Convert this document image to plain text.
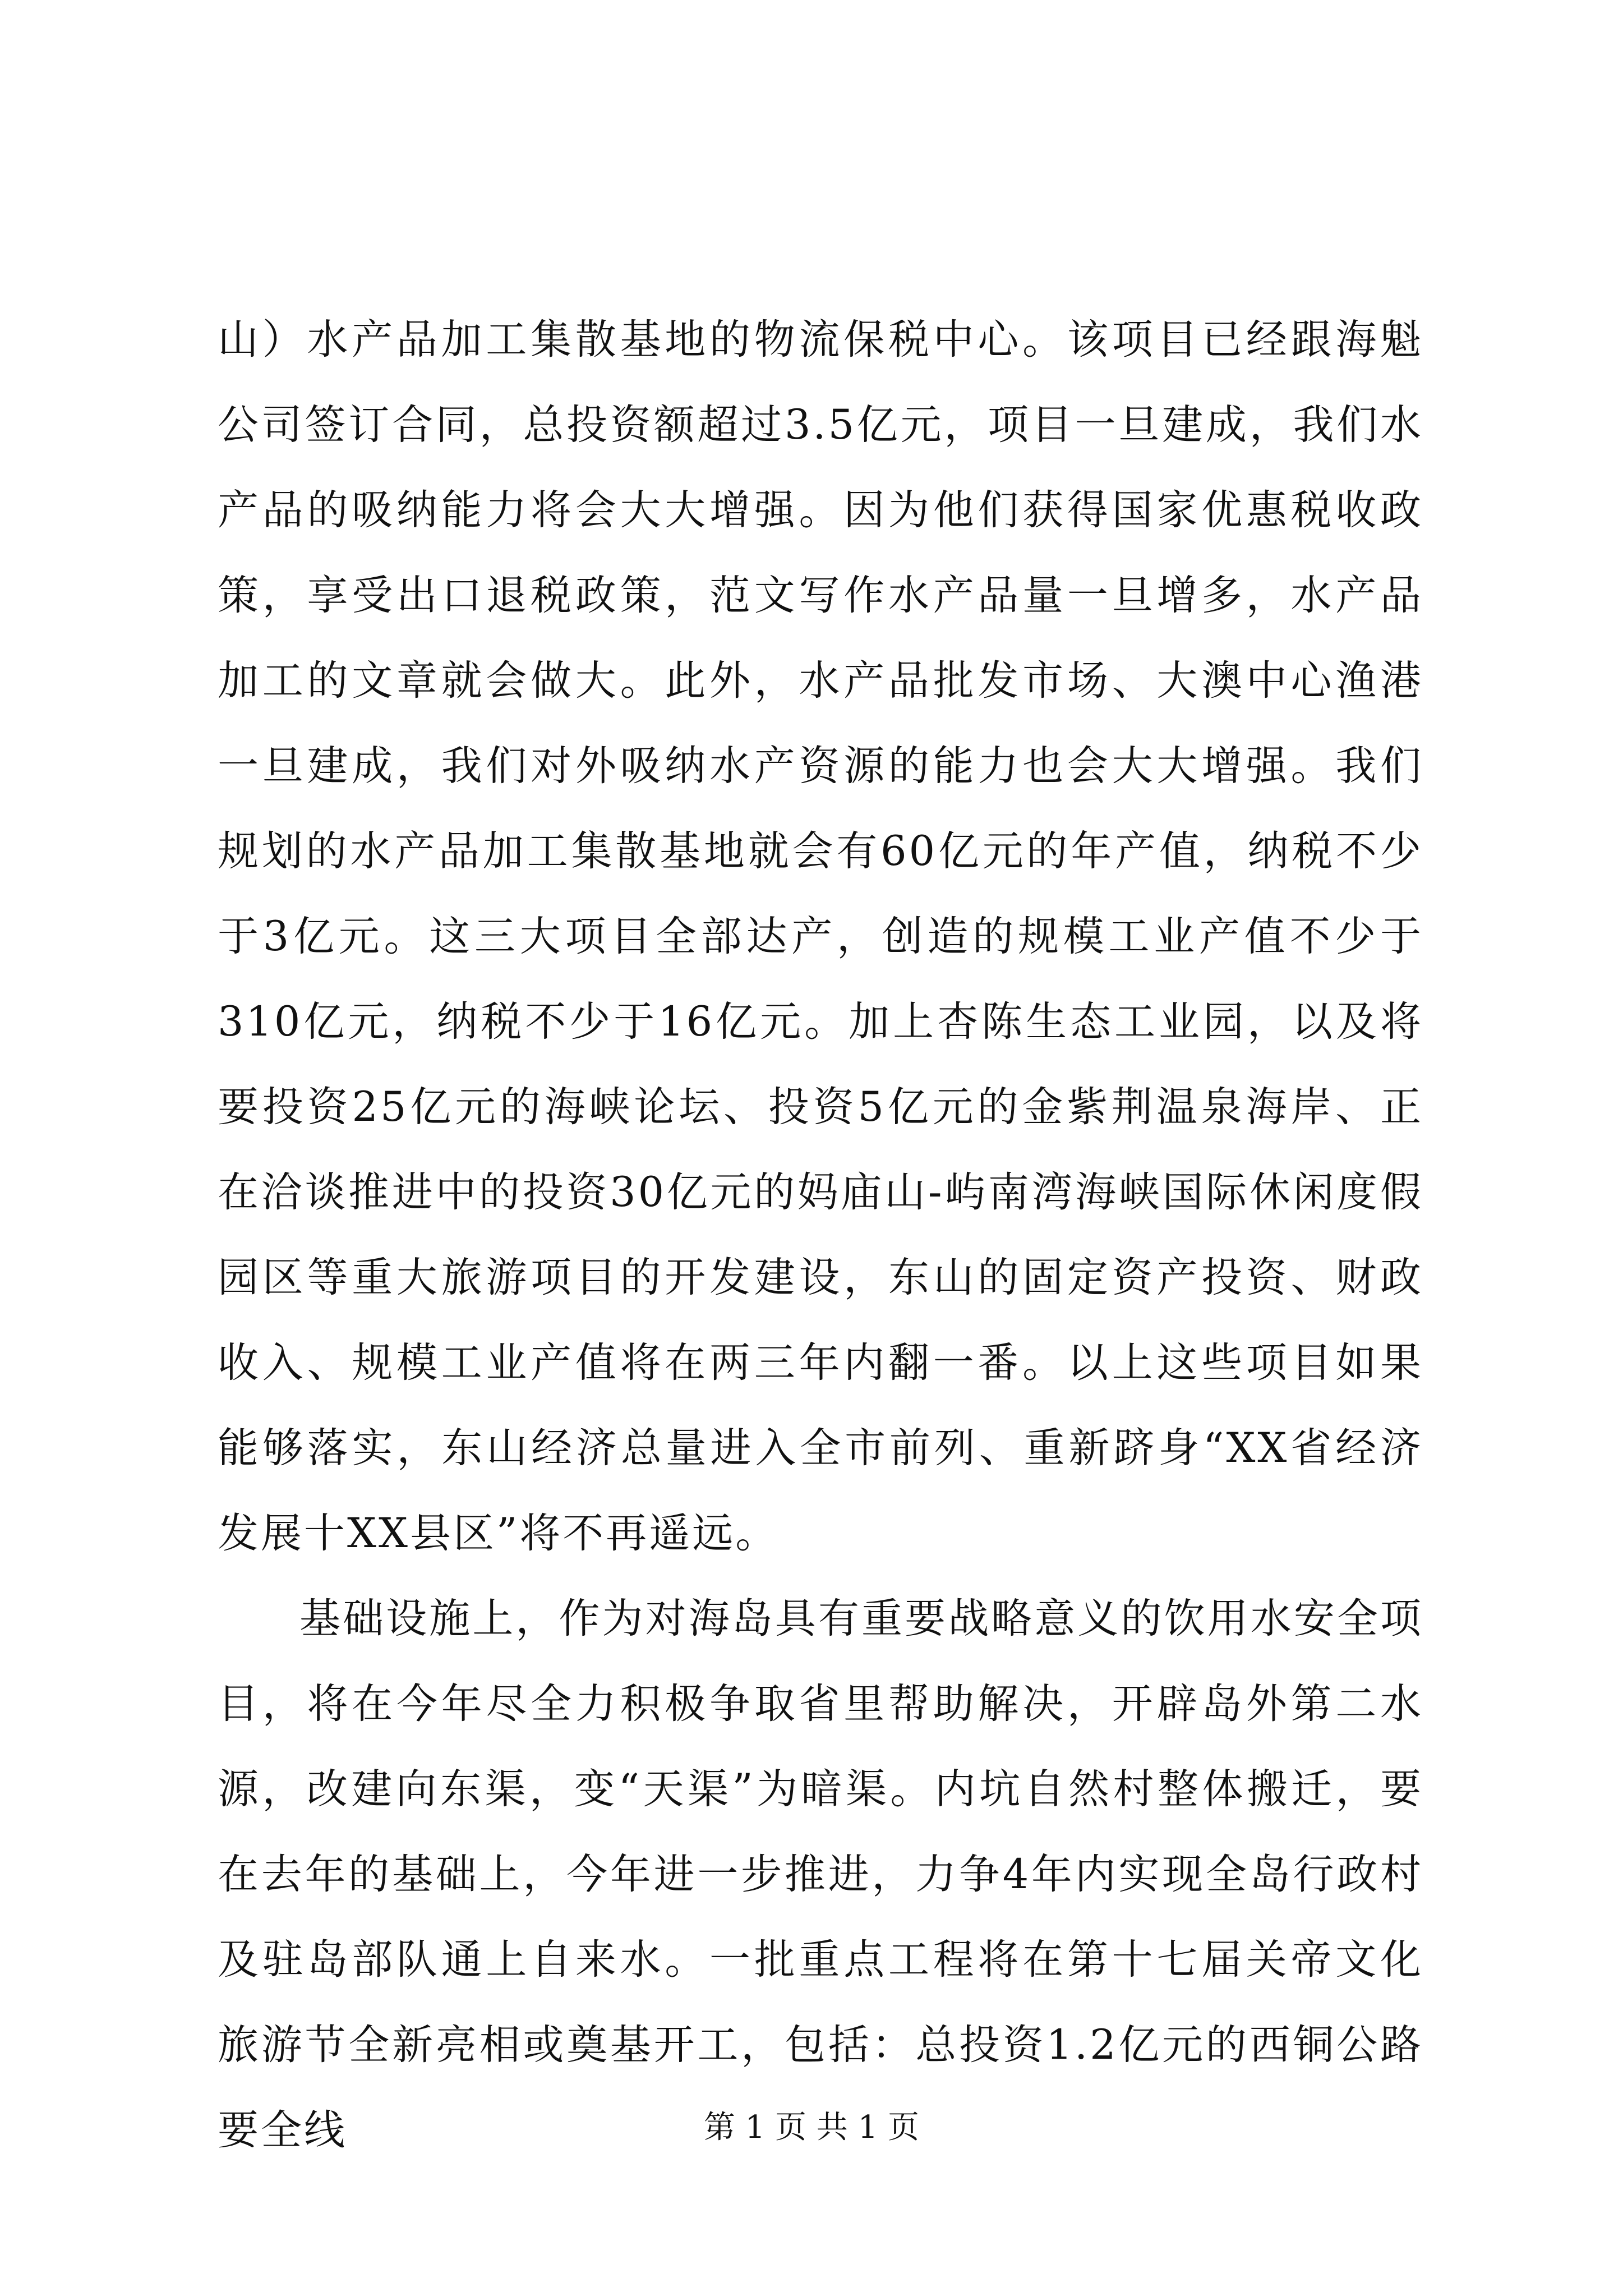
山）水产品加工集散基地的物流保税中心。该项目已经跟海魁公司签订合同，总投资额超过3.5亿元，项目一旦建成，我们水产品的吸纳能力将会大大增强。因为他们获得国家优惠税收政策，享受出口退税政策，范文写作水产品量一旦增多，水产品加工的文章就会做大。此外，水产品批发市场、大澳中心渔港一旦建成，我们对外吸纳水产资源的能力也会大大增强。我们规划的水产品加工集散基地就会有60亿元的年产值，纳税不少于3亿元。这三大项目全部达产，创造的规模工业产值不少于310亿元，纳税不少于16亿元。加上杏陈生态工业园，以及将要投资25亿元的海峡论坛、投资5亿元的金紫荆温泉海岸、正在洽谈推进中的投资30亿元的妈庙山-屿南湾海峡国际休闲度假园区等重大旅游项目的开发建设，东山的固定资产投资、财政收入、规模工业产值将在两三年内翻一番。以上这些项目如果能够落实，东山经济总量进入全市前列、重新跻身“XX省经济发展十XX县区”将不再遥远。

基础设施上，作为对海岛具有重要战略意义的饮用水安全项目，将在今年尽全力积极争取省里帮助解决，开辟岛外第二水源，改建向东渠，变“天渠”为暗渠。内坑自然村整体搬迁，要在去年的基础上，今年进一步推进，力争4年内实现全岛行政村及驻岛部队通上自来水。一批重点工程将在第十七届关帝文化旅游节全新亮相或奠基开工，包括：总投资1.2亿元的西铜公路要全线	第 1 页 共 1 页
